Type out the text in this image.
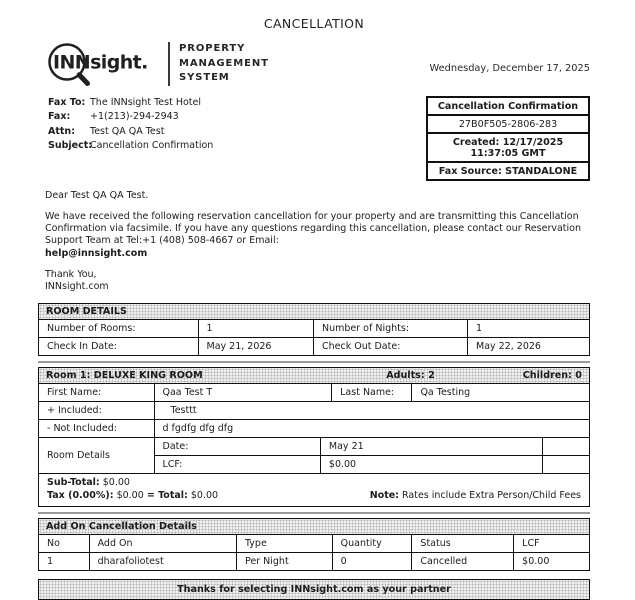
CANCELLATION
INNsight.
PROPERTY
MANAGEMENT
SYSTEM
Wednesday, December 17, 2025
Fax To: The INNsight Test Hotel
Fax:	+1(213)-294-2943
Attn:	Test QA QA Test
Subject:
Cancellation Confirmation
Cancellation Confirmation
27B0F505-2806-283
Created: 12/17/2025 11:37:05 GMT
Fax Source: STANDALONE
Dear Test QA QA Test.

We have received the following reservation cancellation for your property and are transmitting this Cancellation Confirmation via facsimile. If you have any questions regarding this cancellation, please contact our Reservation Support Team at Tel:+1 (408) 508-4667 or Email:
help@innsight.com

Thank You,
INNsight.com
ROOM DETAILS
Number of Rooms:	1	Number of Nights:	1
Check In Date:	May 21, 2026	Check Out Date:	May 22, 2026
Room 1: DELUXE KING ROOM	Adults: 2	Children: 0
First Name:	Qaa Test T	Last Name:	Qa Testing
+ Included:	Testtt
- Not Included:	d fgdfg dfg dfg
Room Details
Date:	May 21
LCF:	$0.00
Sub-Total: $0.00
Tax (0.00%): $0.00 = Total: $0.00	Note: Rates include Extra Person/Child Fees
Add On Cancellation Details
No	Add On	Type	Quantity	Status	LCF
1	dharafoliotest	Per Night	0	Cancelled	$0.00
Thanks for selecting INNsight.com as your partner
